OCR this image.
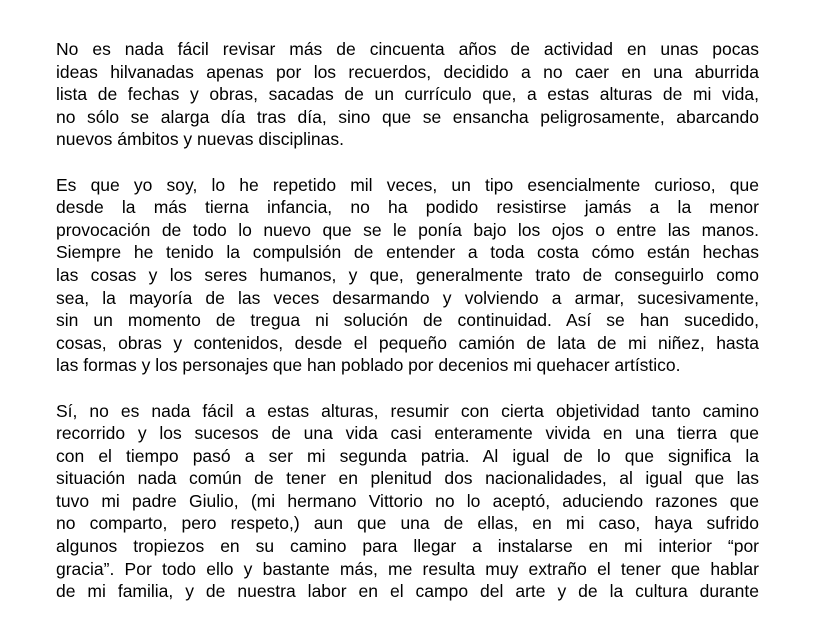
No es nada fácil revisar más de cincuenta años de actividad en unas pocas
ideas hilvanadas apenas por los recuerdos, decidido a no caer en una aburrida
lista de fechas y obras, sacadas de un currículo que, a estas alturas de mi vida,
no sólo se alarga día tras día, sino que se ensancha peligrosamente, abarcando
nuevos ámbitos y nuevas disciplinas.

Es que yo soy, lo he repetido mil veces, un tipo esencialmente curioso, que
desde la más tierna infancia, no ha podido resistirse jamás a la menor
provocación de todo lo nuevo que se le ponía bajo los ojos o entre las manos.
Siempre he tenido la compulsión de entender a toda costa cómo están hechas
las cosas y los seres humanos, y que, generalmente trato de conseguirlo como
sea, la mayoría de las veces desarmando y volviendo a armar, sucesivamente,
sin un momento de tregua ni solución de continuidad. Así se han sucedido,
cosas, obras y contenidos, desde el pequeño camión de lata de mi niñez, hasta
las formas y los personajes que han poblado por decenios mi quehacer artístico.

Sí, no es nada fácil a estas alturas, resumir con cierta objetividad tanto camino
recorrido y los sucesos de una vida casi enteramente vivida en una tierra que
con el tiempo pasó a ser mi segunda patria. Al igual de lo que significa la
situación nada común de tener en plenitud dos nacionalidades, al igual que las
tuvo mi padre Giulio, (mi hermano Vittorio no lo aceptó, aduciendo razones que
no comparto, pero respeto,) aun que una de ellas, en mi caso, haya sufrido
algunos tropiezos en su camino para llegar a instalarse en mi interior “por
gracia”. Por todo ello y bastante más, me resulta muy extraño el tener que hablar
de mi familia, y de nuestra labor en el campo del arte y de la cultura durante
